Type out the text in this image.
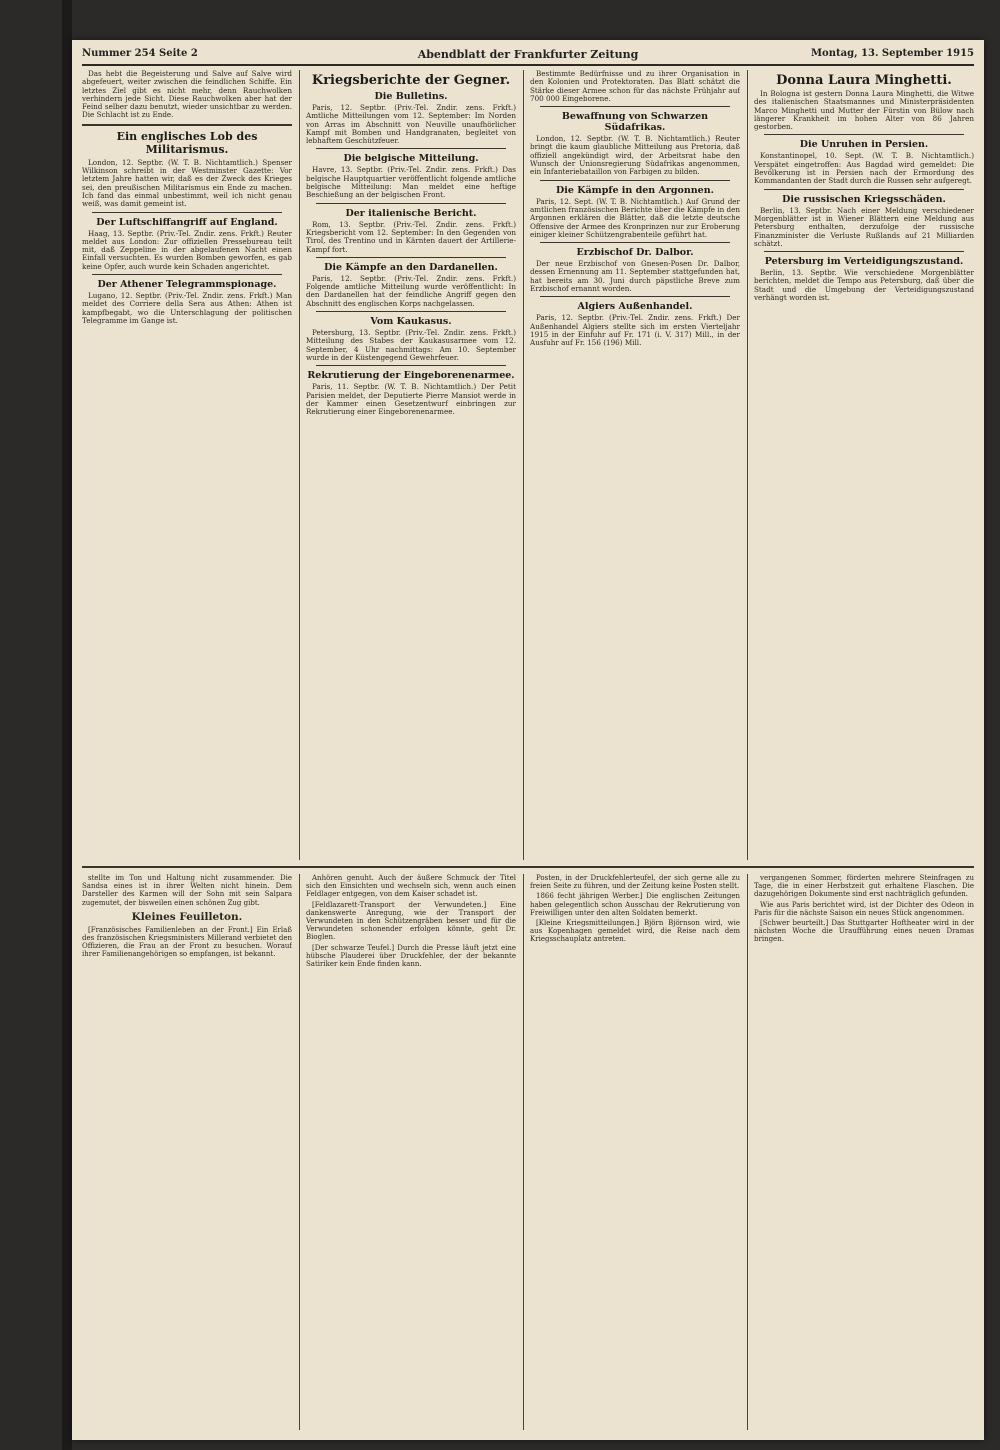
Nummer 254 Seite 2	Abendblatt der Frankfurter Zeitung	Montag, 13. September 1915

Das hebt die Begeisterung und Salve auf Salve wird abgefeuert, weiter zwischen die feindlichen Schiffe. Ein letztes Ziel gibt es nicht mehr, denn Rauchwolken verhindern jede Sicht. Diese Rauchwolken aber hat der Feind selber dazu benutzt, wieder unsichtbar zu werden. Die Schlacht ist zu Ende.

Ein englisches Lob des Militarismus.

London, 12. Septbr. (W. T. B. Nichtamtlich.) Spenser Wilkinson schreibt in der Westminster Gazette: Vor letztem Jahre hatten wir, daß es der Zweck des Krieges sei, den preußischen Militarismus ein Ende zu machen. Ich fand das einmal unbestimmt, weil ich nicht genau weiß, was damit gemeint ist.

Der Luftschiffangriff auf England.

Haag, 13. Septbr. (Priv.-Tel. Zndir. zens. Frkft.) Reuter meldet aus London: Zur offiziellen Pressebureau teilt mit, daß Zeppeline in der abgelaufenen Nacht einen Einfall versuchten. Es wurden Bomben geworfen, es gab keine Opfer, auch wurde kein Schaden angerichtet.

Der Athener Telegrammspionage.

Lugano, 12. Septbr. (Priv.-Tel. Zndir. zens. Frkft.) Man meldet des Corriere della Sera aus Athen: Athen ist kampfbegabt, wo die Unterschlagung der politischen Telegramme im Gange ist.

Kriegsberichte der Gegner.
Die Bulletins.

Paris, 12. Septbr. (Priv.-Tel. Zndir. zens. Frkft.) Amtliche Mitteilungen vom 12. September: Im Norden von Arras im Abschnitt von Neuville unaufhörlicher Kampf mit Bomben und Handgranaten, begleitet von lebhaftem Geschützfeuer.

Die belgische Mitteilung.

Havre, 13. Septbr. (Priv.-Tel. Zndir. zens. Frkft.) Das belgische Hauptquartier veröffentlicht folgende amtliche belgische Mitteilung: Man meldet eine heftige Beschießung an der belgischen Front.

Der italienische Bericht.

Rom, 13. Septbr. (Priv.-Tel. Zndir. zens. Frkft.) Kriegsbericht vom 12. September: In den Gegenden von Tirol, des Trentino und in Kärnten dauert der Artillerie-Kampf fort.

Die Kämpfe an den Dardanellen.

Paris, 12. Septbr. (Priv.-Tel. Zndir. zens. Frkft.) Folgende amtliche Mitteilung wurde veröffentlicht: In den Dardanellen hat der feindliche Angriff gegen den Abschnitt des englischen Korps nachgelassen.

Vom Kaukasus.

Petersburg, 13. Septbr. (Priv.-Tel. Zndir. zens. Frkft.) Mitteilung des Stabes der Kaukasusarmee vom 12. September, 4 Uhr nachmittags: Am 10. September wurde in der Küstengegend Gewehrfeuer.

Rekrutierung der Eingeborenenarmee.

Paris, 11. Septbr. (W. T. B. Nichtamtlich.) Der Petit Parisien meldet, der Deputierte Pierre Mansiot werde in der Kammer einen Gesetzentwurf einbringen zur Rekrutierung einer Eingeborenenarmee.

Bestimmte Bedürfnisse und zu ihrer Organisation in den Kolonien und Protektoraten. Das Blatt schätzt die Stärke dieser Armee schon für das nächste Frühjahr auf 700 000 Eingeborene.

Bewaffnung von Schwarzen Südafrikas.

London, 12. Septbr. (W. T. B. Nichtamtlich.) Reuter bringt die kaum glaubliche Mitteilung aus Pretoria, daß offiziell angekündigt wird, der Arbeitsrat habe den Wunsch der Unionsregierung Südafrikas angenommen, ein Infanteriebataillon von Farbigen zu bilden.

Die Kämpfe in den Argonnen.

Paris, 12. Sept. (W. T. B. Nichtamtlich.) Auf Grund der amtlichen französischen Berichte über die Kämpfe in den Argonnen erklären die Blätter, daß die letzte deutsche Offensive der Armee des Kronprinzen nur zur Eroberung einiger kleiner Schützengrabenteile geführt hat.

Erzbischof Dr. Dalbor.

Der neue Erzbischof von Gnesen-Posen Dr. Dalbor, dessen Ernennung am 11. September stattgefunden hat, hat bereits am 30. Juni durch päpstliche Breve zum Erzbischof ernannt worden.

Algiers Außenhandel.

Paris, 12. Septbr. (Priv.-Tel. Zndir. zens. Frkft.) Der Außenhandel Algiers stellte sich im ersten Vierteljahr 1915 in der Einfuhr auf Fr. 171 (i. V. 317) Mill., in der Ausfuhr auf Fr. 156 (196) Mill.

Donna Laura Minghetti.

In Bologna ist gestern Donna Laura Minghetti, die Witwe des italienischen Staatsmannes und Ministerpräsidenten Marco Minghetti und Mutter der Fürstin von Bülow nach längerer Krankheit im hohen Alter von 86 Jahren gestorben.

Die Unruhen in Persien.

Konstantinopel, 10. Sept. (W. T. B. Nichtamtlich.) Verspätet eingetroffen: Aus Bagdad wird gemeldet: Die Bevölkerung ist in Persien nach der Ermordung des Kommandanten der Stadt durch die Russen sehr aufgeregt.

Die russischen Kriegsschäden.

Berlin, 13. Septbr. Nach einer Meldung verschiedener Morgenblätter ist in Wiener Blättern eine Meldung aus Petersburg enthalten, derzufolge der russische Finanzminister die Verluste Rußlands auf 21 Milliarden schätzt.

Petersburg im Verteidigungszustand.

Berlin, 13. Septbr. Wie verschiedene Morgenblätter berichten, meldet die Tempo aus Petersburg, daß über die Stadt und die Umgebung der Verteidigungszustand verhängt worden ist.

stellte im Ton und Haltung nicht zusammender. Die Sandsa eines ist in ihrer Welten nicht hinein. Dem Darsteller des Karmen will der Sohn mit sein Salpara zugemutet, der bisweilen einen schönen Zug gibt.

Kleines Feuilleton.

[Französisches Familienleben an der Front.] Ein Erlaß des französischen Kriegsministers Millerand verbietet den Offizieren, die Frau an der Front zu besuchen. Worauf ihrer Familienangehörigen so empfangen, ist bekannt.

Anhören genuht. Auch der äußere Schmuck der Titel sich den Einsichten und wechseln sich, wenn auch einen Feldlager entgegen, von dem Kaiser schadet ist.

[Feldlazarett-Transport der Verwundeten.] Eine dankenswerte Anregung, wie der Transport der Verwundeten in den Schützengräben besser und für die Verwundeten schonender erfolgen könnte, geht Dr. Bioglen.

[Der schwarze Teufel.] Durch die Presse läuft jetzt eine hübsche Plauderei über Druckfehler, der der bekannte Satiriker kein Ende finden kann.

Posten, in der Druckfehlerteufel, der sich gerne alle zu freien Seite zu führen, und der Zeitung keine Posten stellt.

1866 fecht jährigen Werber.] Die englischen Zeitungen haben gelegentlich schon Ausschau der Rekrutierung von Freiwilligen unter den alten Soldaten bemerkt.

[Kleine Kriegsmitteilungen.] Björn Björnson wird, wie aus Kopenhagen gemeldet wird, die Reise nach dem Kriegsschauplatz antreten.

vergangenen Sommer, förderten mehrere Steinfragen zu Tage, die in einer Herbstzeit gut erhaltene Flaschen. Die dazugehörigen Dokumente sind erst nachträglich gefunden.

Wie aus Paris berichtet wird, ist der Dichter des Odeon in Paris für die nächste Saison ein neues Stück angenommen.

[Schwer beurteilt.] Das Stuttgarter Hoftheater wird in der nächsten Woche die Uraufführung eines neuen Dramas bringen.
